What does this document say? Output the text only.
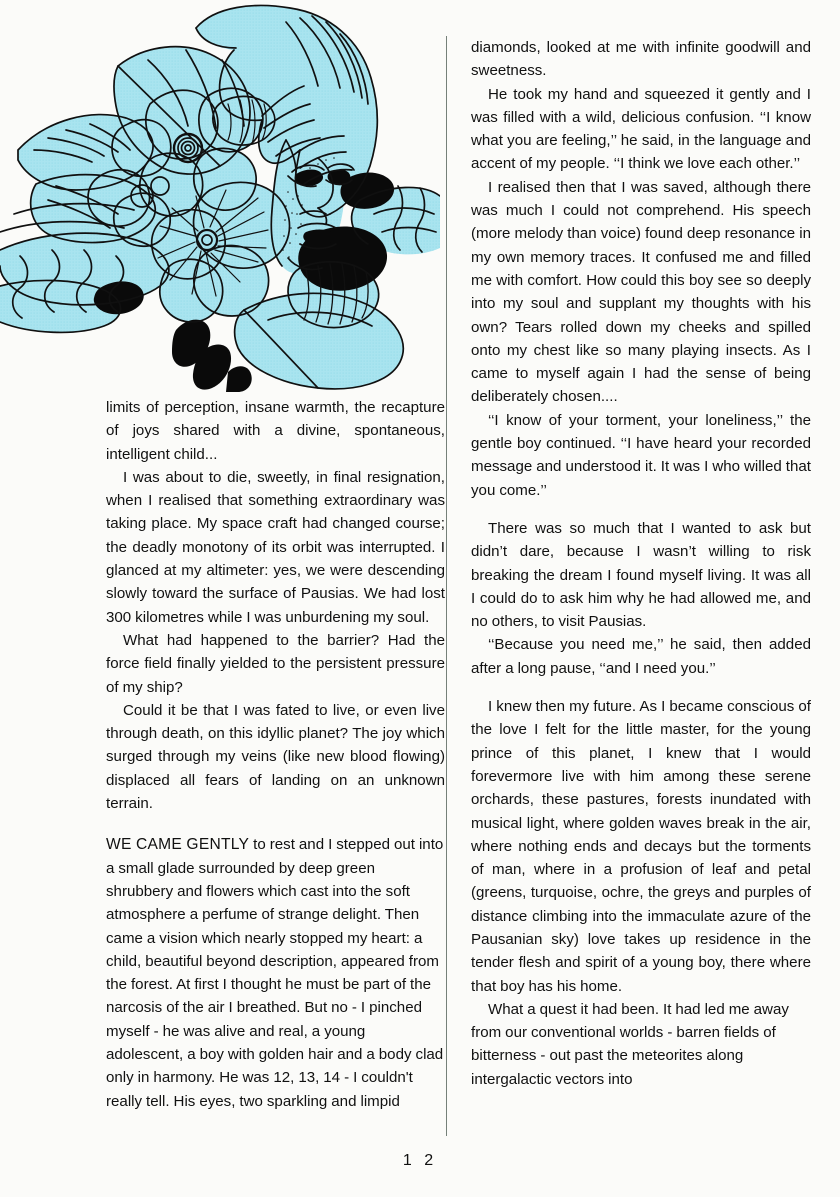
limits of perception, insane warmth, the recapture of joys shared with a divine, spontaneous, intelligent child...

I was about to die, sweetly, in final resignation, when I realised that something extraordinary was taking place. My space craft had changed course; the deadly monotony of its orbit was interrupted. I glanced at my altimeter: yes, we were descending slowly toward the surface of Pausias. We had lost 300 kilometres while I was unburdening my soul.

What had happened to the barrier? Had the force field finally yielded to the persistent pressure of my ship?

Could it be that I was fated to live, or even live through death, on this idyllic planet? The joy which surged through my veins (like new blood flowing) displaced all fears of landing on an unknown terrain.

WE CAME GENTLY to rest and I stepped out into a small glade surrounded by deep green shrubbery and flowers which cast into the soft atmosphere a perfume of strange delight. Then came a vision which nearly stopped my heart: a child, beautiful beyond description, appeared from the forest. At first I thought he must be part of the narcosis of the air I breathed. But no - I pinched myself - he was alive and real, a young adolescent, a boy with golden hair and a body clad only in harmony. He was 12, 13, 14 - I couldn't really tell. His eyes, two sparkling and limpid

diamonds, looked at me with infinite goodwill and sweetness.

He took my hand and squeezed it gently and I was filled with a wild, delicious confusion. ‘‘I know what you are feeling,’’ he said, in the language and accent of my people. ‘‘I think we love each other.’’

I realised then that I was saved, although there was much I could not comprehend. His speech (more melody than voice) found deep resonance in my own memory traces. It confused me and filled me with comfort. How could this boy see so deeply into my soul and supplant my thoughts with his own? Tears rolled down my cheeks and spilled onto my chest like so many playing insects. As I came to myself again I had the sense of being deliberately chosen....

‘‘I know of your torment, your loneliness,’’ the gentle boy continued. ‘‘I have heard your recorded message and understood it. It was I who willed that you come.’’

There was so much that I wanted to ask but didn’t dare, because I wasn’t willing to risk breaking the dream I found myself living. It was all I could do to ask him why he had allowed me, and no others, to visit Pausias.

‘‘Because you need me,’’ he said, then added after a long pause, ‘‘and I need you.’’

I knew then my future. As I became conscious of the love I felt for the little master, for the young prince of this planet, I knew that I would forevermore live with him among these serene orchards, these pastures, forests inundated with musical light, where golden waves break in the air, where nothing ends and decays but the torments of man, where in a profusion of leaf and petal (greens, turquoise, ochre, the greys and purples of distance climbing into the immaculate azure of the Pausanian sky) love takes up residence in the tender flesh and spirit of a young boy, there where that boy has his home.

What a quest it had been. It had led me away from our conventional worlds - barren fields of bitterness - out past the meteorites along intergalactic vectors into

1 2
